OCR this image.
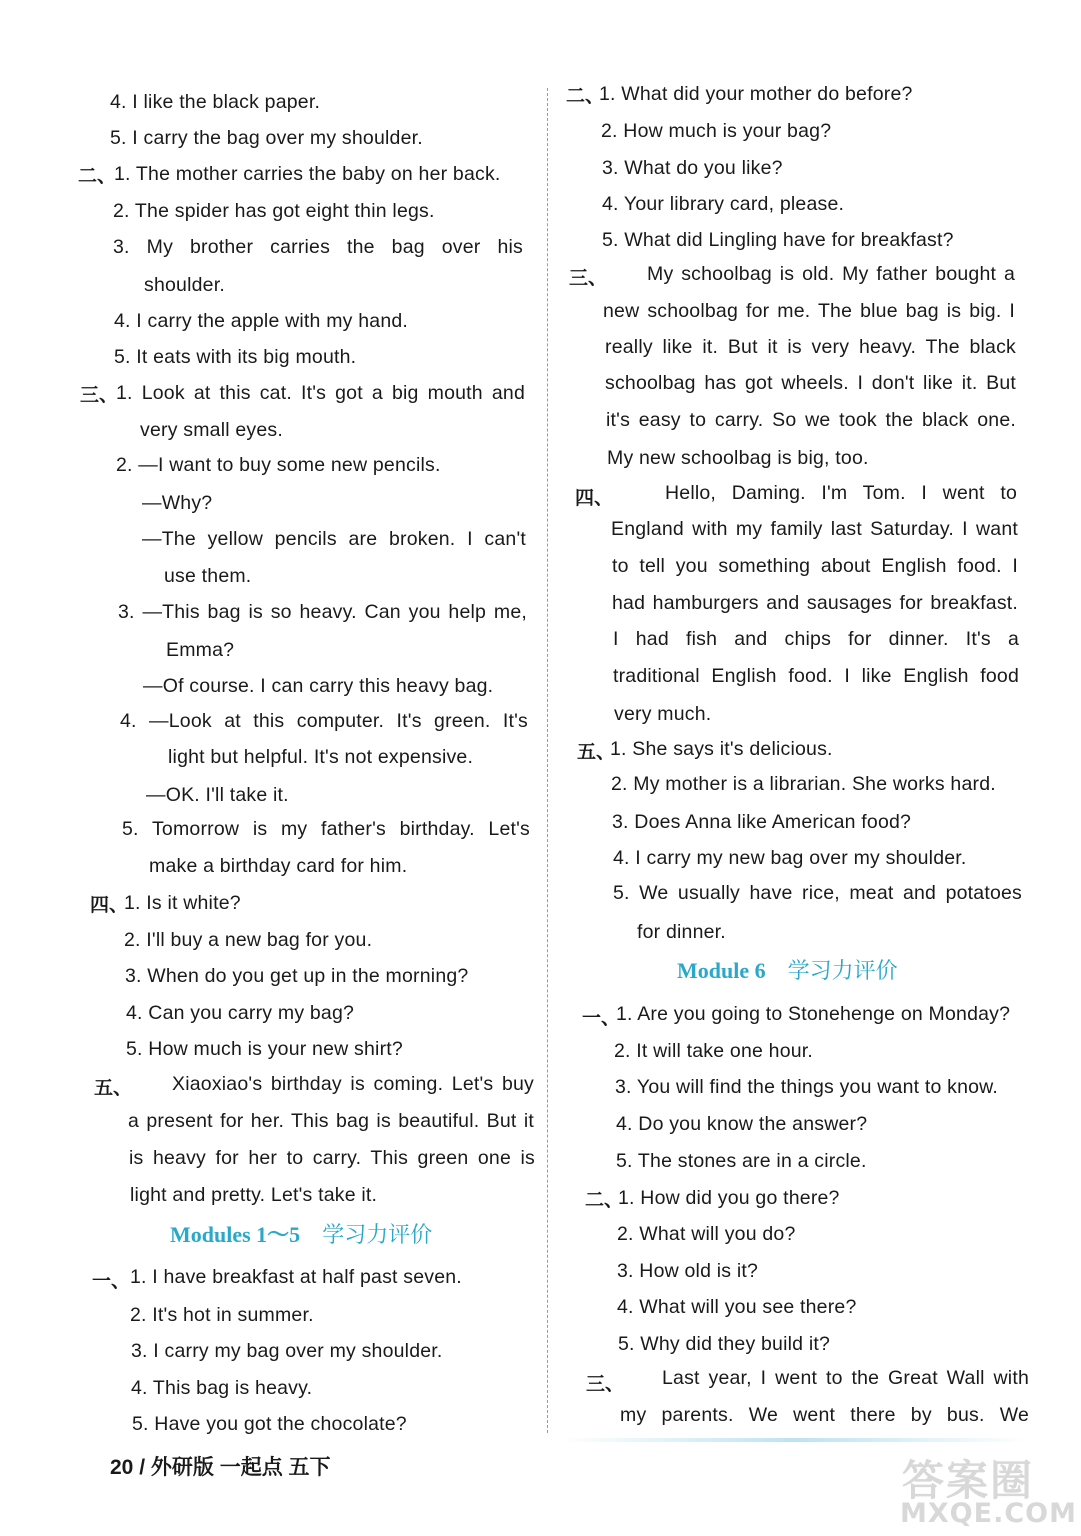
4. I like the black paper.
5. I carry the bag over my shoulder.
二、
1. The mother carries the baby on her back.
2. The spider has got eight thin legs.
3. My brother carries the bag over his
shoulder.
4. I carry the apple with my hand.
5. It eats with its big mouth.
三、
1. Look at this cat. It's got a big mouth and
very small eyes.
2. —I want to buy some new pencils.
—Why?
—The yellow pencils are broken. I can't
use them.
3. —This bag is so heavy. Can you help me,
Emma?
—Of course. I can carry this heavy bag.
4. —Look at this computer. It's green. It's
light but helpful. It's not expensive.
—OK. I'll take it.
5. Tomorrow is my father's birthday. Let's
make a birthday card for him.
四、
1. Is it white?
2. I'll buy a new bag for you.
3. When do you get up in the morning?
4. Can you carry my bag?
5. How much is your new shirt?
五、 Xiaoxiao's birthday is coming. Let's buy
a present for her. This bag is beautiful. But it
is heavy for her to carry. This green one is
light and pretty. Let's take it.
Modules 1～5 学习力评价
一、 1. I have breakfast at half past seven.
2. It's hot in summer.
3. I carry my bag over my shoulder.
4. This bag is heavy.
5. Have you got the chocolate?
二、
1. What did your mother do before?
2. How much is your bag?
3. What do you like?
4. Your library card, please.
5. What did Lingling have for breakfast?
三、 My schoolbag is old. My father bought a
new schoolbag for me. The blue bag is big. I
really like it. But it is very heavy. The black
schoolbag has got wheels. I don't like it. But
it's easy to carry. So we took the black one.
My new schoolbag is big, too.
四、	Hello, Daming. I'm Tom. I went to
England with my family last Saturday. I want
to tell you something about English food. I
had hamburgers and sausages for breakfast.
I had fish and chips for dinner. It's a
traditional English food. I like English food
very much.
五、
1. She says it's delicious.
2. My mother is a librarian. She works hard.
3. Does Anna like American food?
4. I carry my new bag over my shoulder.
5. We usually have rice, meat and potatoes
for dinner.
Module 6 学习力评价
一、
1. Are you going to Stonehenge on Monday?
2. It will take one hour.
3. You will find the things you want to know.
4. Do you know the answer?
5. The stones are in a circle.
二、
1. How did you go there?
2. What will you do?
3. How old is it?
4. What will you see there?
5. Why did they build it?
三、 Last year, I went to the Great Wall with
my parents. We went there by bus. We
20 / 外研版 一起点 五下	答案圈
MXQE.COM
